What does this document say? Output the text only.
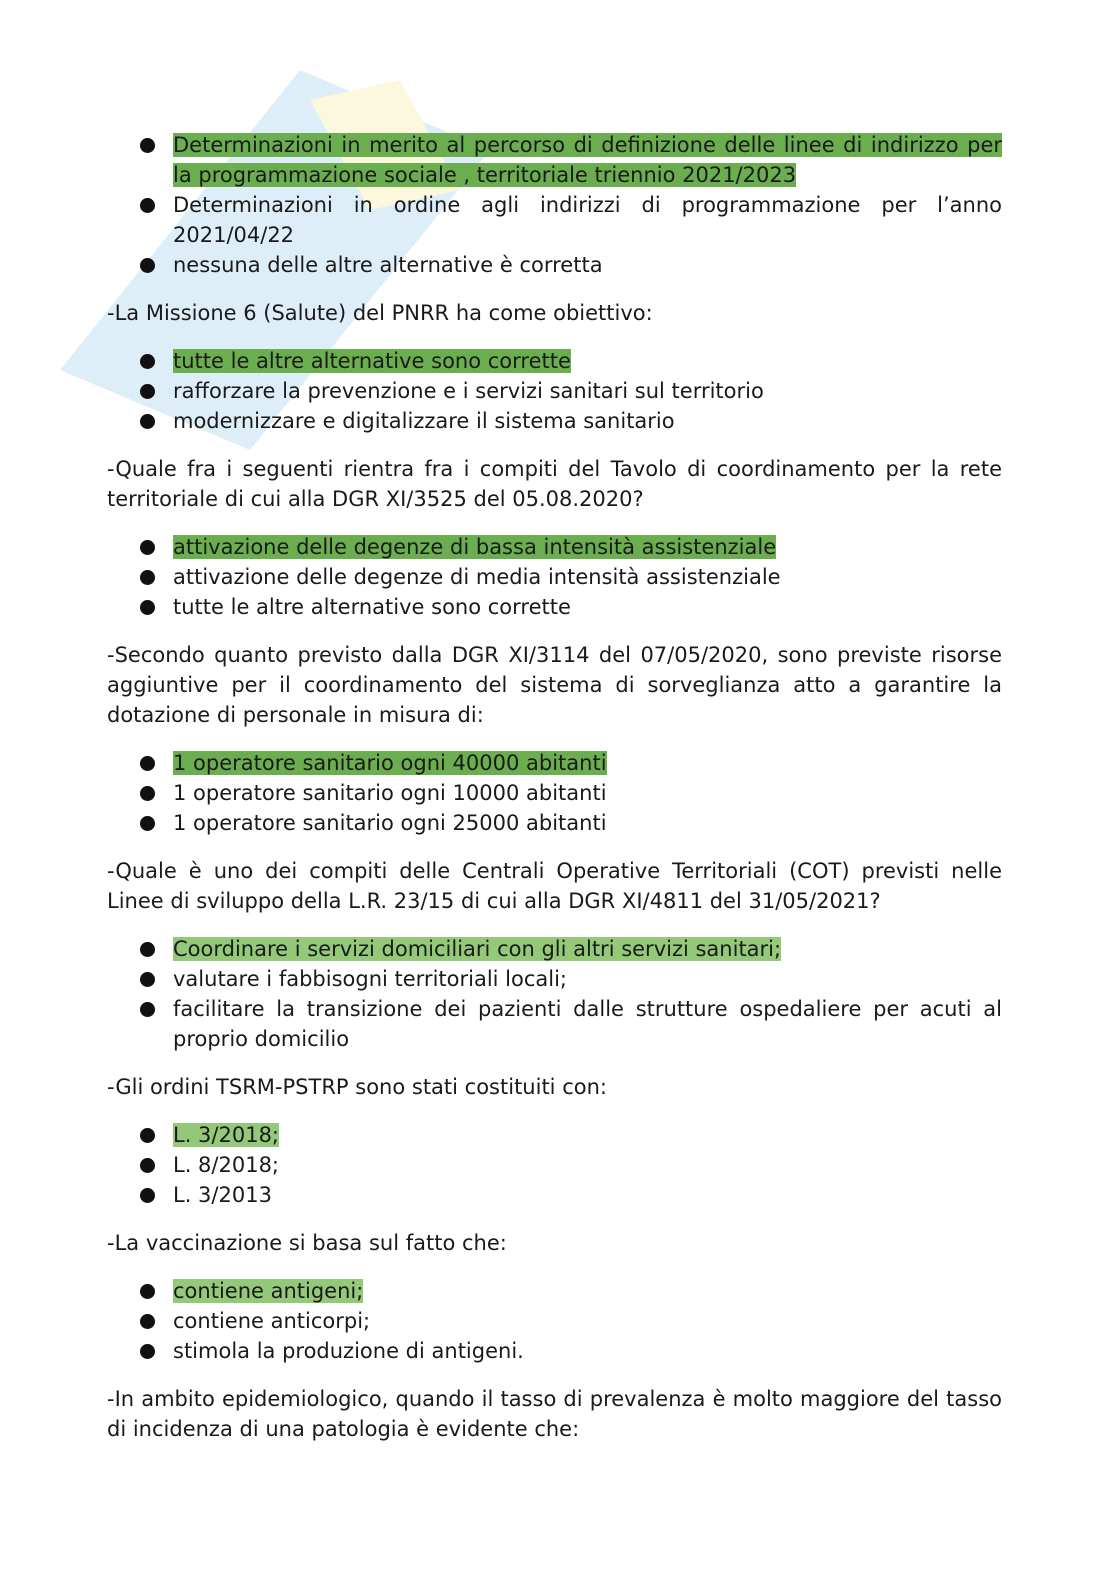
Determinazioni in merito al percorso di definizione delle linee di indirizzo per la programmazione sociale , territoriale triennio 2021/2023
Determinazioni in ordine agli indirizzi di programmazione per l’anno 2021/04/22
nessuna delle altre alternative è corretta

-La Missione 6 (Salute) del PNRR ha come obiettivo:

tutte le altre alternative sono corrette
rafforzare la prevenzione e i servizi sanitari sul territorio
modernizzare e digitalizzare il sistema sanitario

-Quale fra i seguenti rientra fra i compiti del Tavolo di coordinamento per la rete territoriale di cui alla DGR XI/3525 del 05.08.2020?

attivazione delle degenze di bassa intensità assistenziale
attivazione delle degenze di media intensità assistenziale
tutte le altre alternative sono corrette

-Secondo quanto previsto dalla DGR XI/3114 del 07/05/2020, sono previste risorse aggiuntive per il coordinamento del sistema di sorveglianza atto a garantire la dotazione di personale in misura di:

1 operatore sanitario ogni 40000 abitanti
1 operatore sanitario ogni 10000 abitanti
1 operatore sanitario ogni 25000 abitanti

-Quale è uno dei compiti delle Centrali Operative Territoriali (COT) previsti nelle Linee di sviluppo della L.R. 23/15 di cui alla DGR XI/4811 del 31/05/2021?

Coordinare i servizi domiciliari con gli altri servizi sanitari;
valutare i fabbisogni territoriali locali;
facilitare la transizione dei pazienti dalle strutture ospedaliere per acuti al proprio domicilio

-Gli ordini TSRM-PSTRP sono stati costituiti con:

L. 3/2018;
L. 8/2018;
L. 3/2013

-La vaccinazione si basa sul fatto che:

contiene antigeni;
contiene anticorpi;
stimola la produzione di antigeni.

-In ambito epidemiologico, quando il tasso di prevalenza è molto maggiore del tasso di incidenza di una patologia è evidente che:
